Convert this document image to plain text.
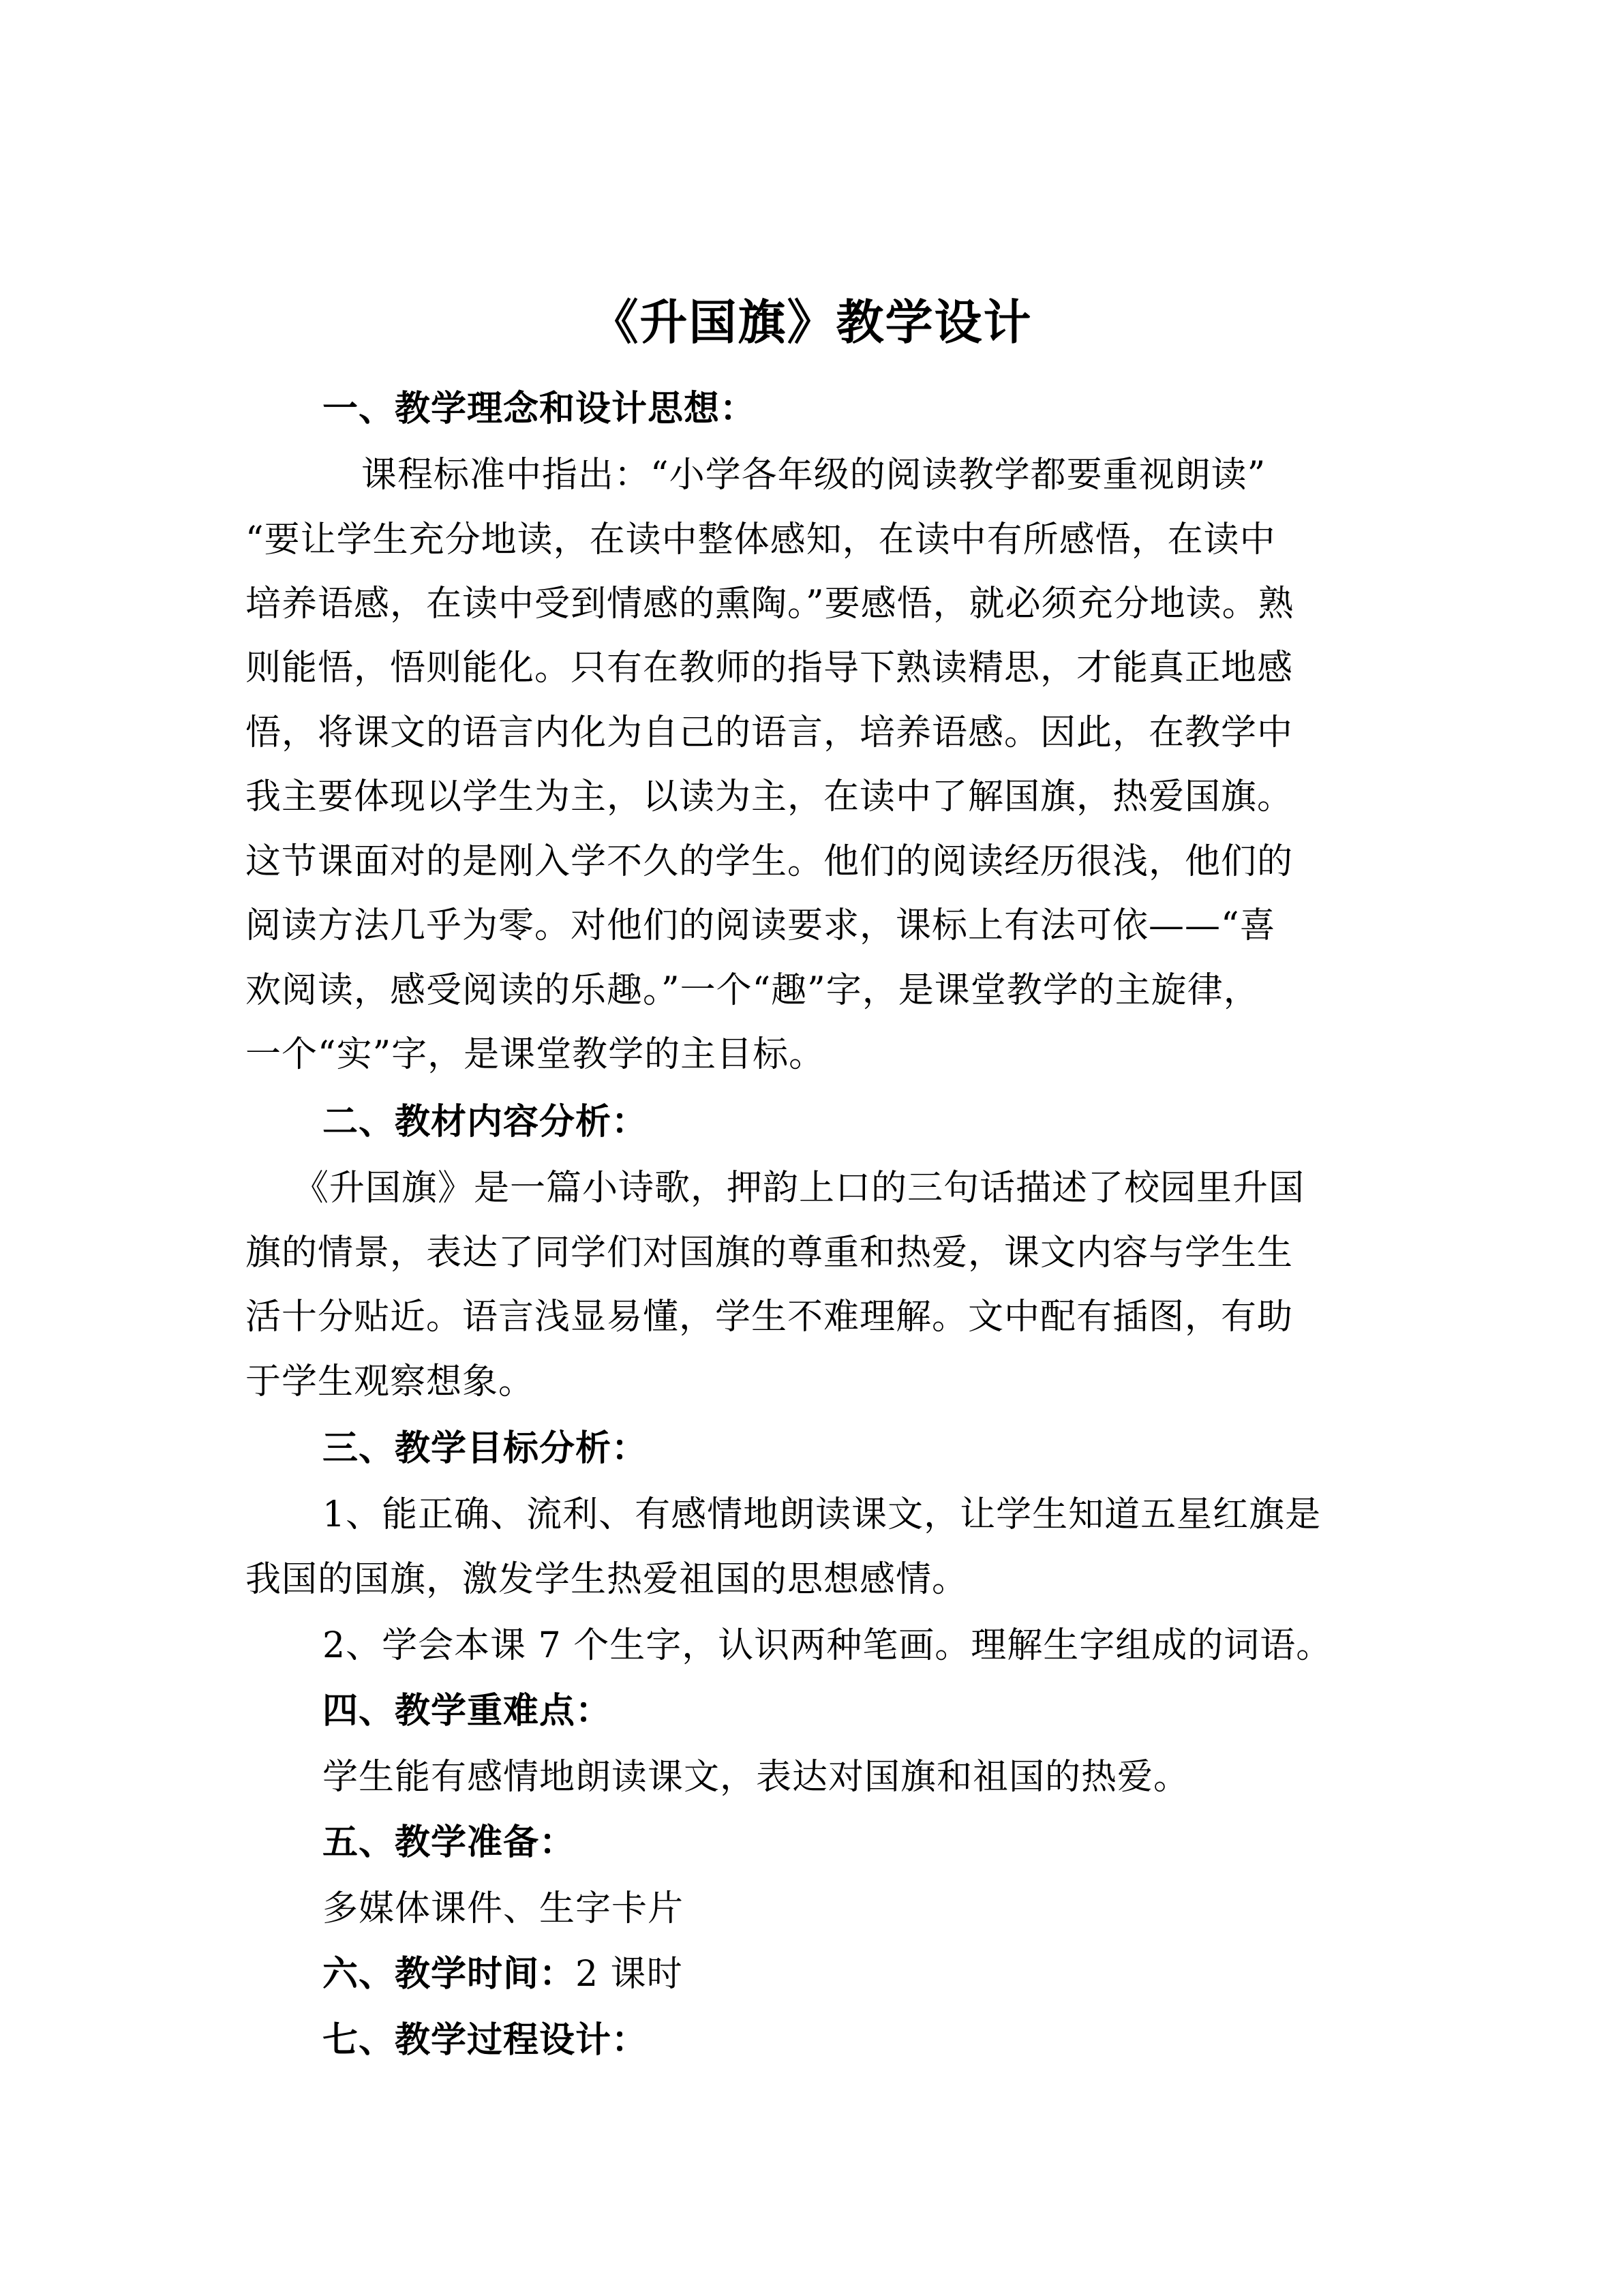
《升国旗》教学设计
一、教学理念和设计思想：
课程标准中指出：“小学各年级的阅读教学都要重视朗读”
“要让学生充分地读，在读中整体感知，在读中有所感悟，在读中
培养语感，在读中受到情感的熏陶。”要感悟，就必须充分地读。熟
则能悟，悟则能化。只有在教师的指导下熟读精思，才能真正地感
悟，将课文的语言内化为自己的语言，培养语感。因此，在教学中
我主要体现以学生为主，以读为主，在读中了解国旗，热爱国旗。
这节课面对的是刚入学不久的学生。他们的阅读经历很浅，他们的
阅读方法几乎为零。对他们的阅读要求，课标上有法可依——“喜
欢阅读，感受阅读的乐趣。”一个“趣”字，是课堂教学的主旋律，
一个“实”字，是课堂教学的主目标。
二、教材内容分析：
《升国旗》是一篇小诗歌，押韵上口的三句话描述了校园里升国
旗的情景，表达了同学们对国旗的尊重和热爱，课文内容与学生生
活十分贴近。语言浅显易懂，学生不难理解。文中配有插图，有助
于学生观察想象。
三、教学目标分析：
1、能正确、流利、有感情地朗读课文，让学生知道五星红旗是
我国的国旗，激发学生热爱祖国的思想感情。
2、学会本课 7 个生字，认识两种笔画。理解生字组成的词语。
四、教学重难点：
学生能有感情地朗读课文，表达对国旗和祖国的热爱。
五、教学准备：
多媒体课件、生字卡片
六、教学时间：2 课时
七、教学过程设计：
